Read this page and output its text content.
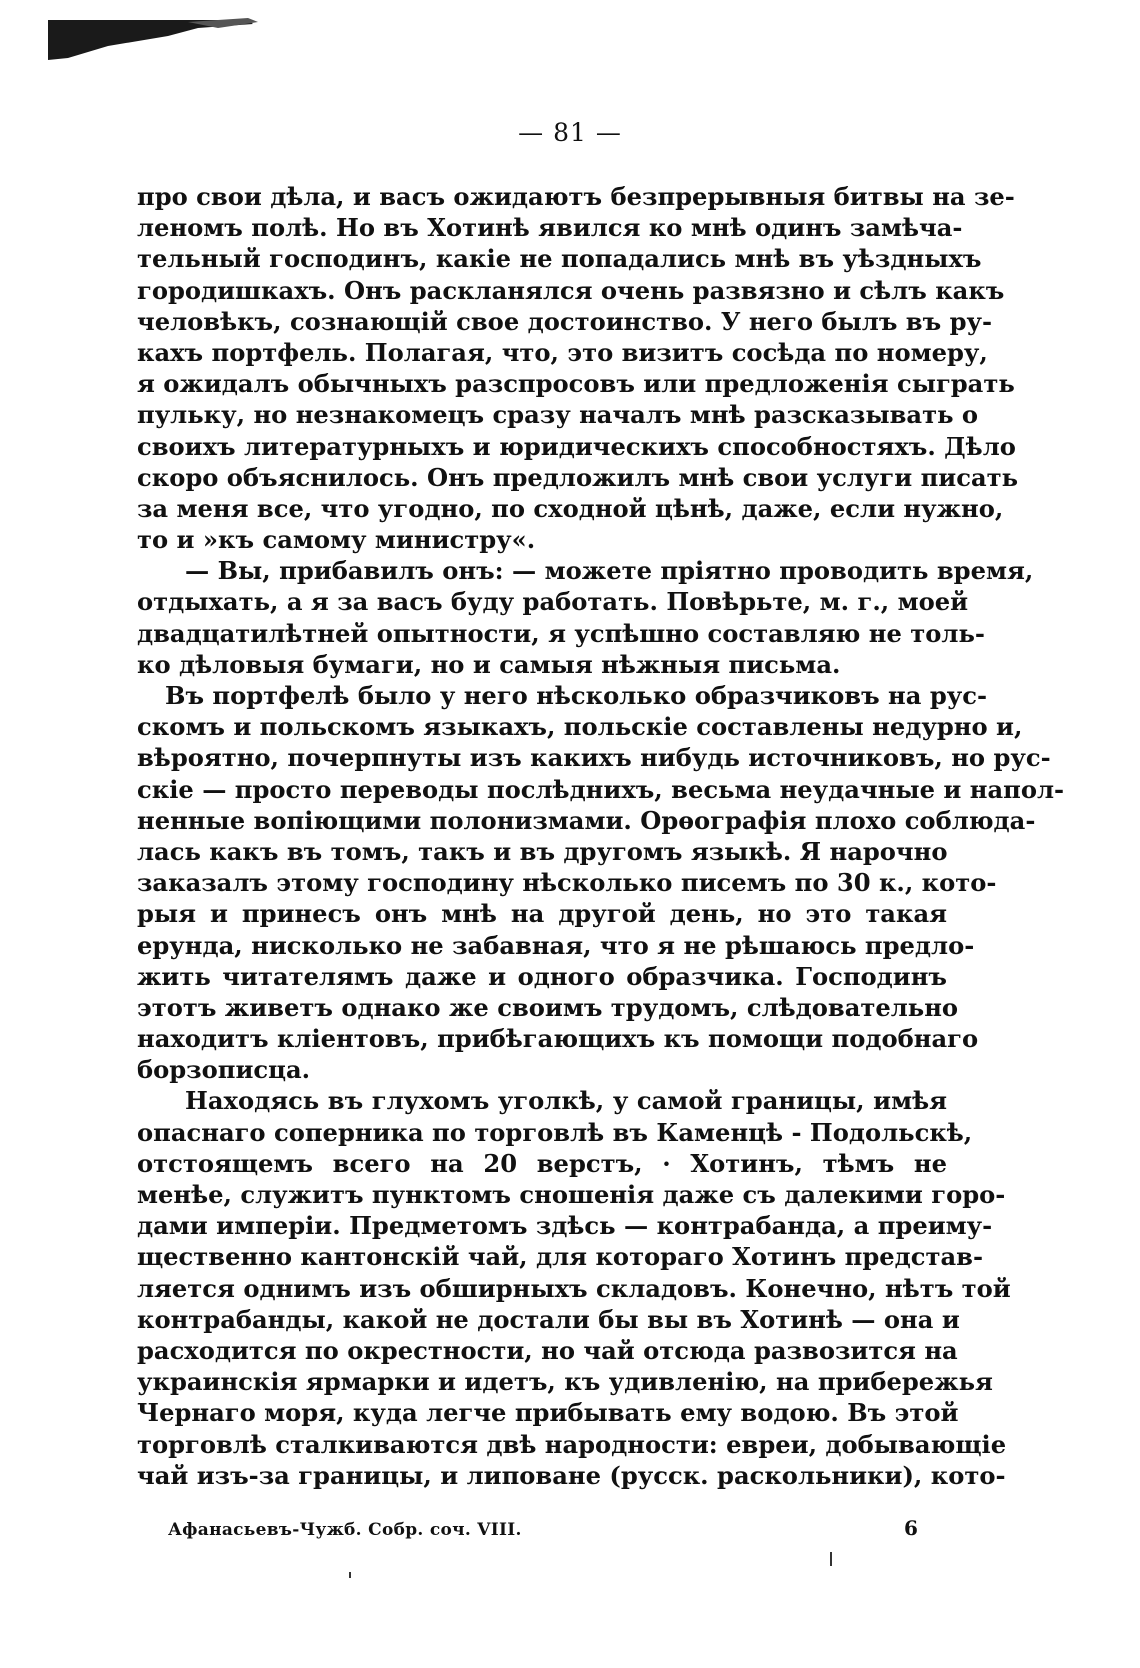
— 81 —
про свои дѣла, и васъ ожидаютъ безпрерывныя битвы на зе-
леномъ полѣ. Но въ Хотинѣ явился ко мнѣ одинъ замѣча-
тельный господинъ, какіе не попадались мнѣ въ уѣздныхъ
городишкахъ. Онъ раскланялся очень развязно и сѣлъ какъ
человѣкъ, сознающій свое достоинство. У него былъ въ ру-
кахъ портфель. Полагая, что, это визитъ сосѣда по номеру,
я ожидалъ обычныхъ разспросовъ или предложенія сыграть
пульку, но незнакомецъ сразу началъ мнѣ разсказывать о
своихъ литературныхъ и юридическихъ способностяхъ. Дѣло
скоро объяснилось. Онъ предложилъ мнѣ свои услуги писать
за меня все, что угодно, по сходной цѣнѣ, даже, если нужно,
то и »къ самому министру«.
— Вы, прибавилъ онъ: — можете пріятно проводить время,
отдыхать, а я за васъ буду работать. Повѣрьте, м. г., моей
двадцатилѣтней опытности, я успѣшно составляю не толь-
ко дѣловыя бумаги, но и самыя нѣжныя письма.
Въ портфелѣ было у него нѣсколько образчиковъ на рус-
скомъ и польскомъ языкахъ, польскіе составлены недурно и,
вѣроятно, почерпнуты изъ какихъ нибудь источниковъ, но рус-
скіе — просто переводы послѣднихъ, весьма неудачные и напол-
ненные вопіющими полонизмами. Орѳографія плохо соблюда-
лась какъ въ томъ, такъ и въ другомъ языкѣ. Я нарочно
заказалъ этому господину нѣсколько писемъ по 30 к., кото-
рыя и принесъ онъ мнѣ на другой день, но это такая
ерунда, нисколько не забавная, что я не рѣшаюсь предло-
жить читателямъ даже и одного образчика. Господинъ
этотъ живетъ однако же своимъ трудомъ, слѣдовательно
находитъ кліентовъ, прибѣгающихъ къ помощи подобнаго
борзописца.
Находясь въ глухомъ уголкѣ, у самой границы, имѣя
опаснаго соперника по торговлѣ въ Каменцѣ - Подольскѣ,
отстоящемъ всего на 20 верстъ, · Хотинъ, тѣмъ не
менѣе, служитъ пунктомъ сношенія даже съ далекими горо-
дами имперіи. Предметомъ здѣсь — контрабанда, а преиму-
щественно кантонскій чай, для котораго Хотинъ представ-
ляется однимъ изъ обширныхъ складовъ. Конечно, нѣтъ той
контрабанды, какой не достали бы вы въ Хотинѣ — она и
расходится по окрестности, но чай отсюда развозится на
украинскія ярмарки и идетъ, къ удивленію, на прибережья
Чернаго моря, куда легче прибывать ему водою. Въ этой
торговлѣ сталкиваются двѣ народности: евреи, добывающіе
чай изъ-за границы, и липоване (русск. раскольники), кото-
Афанасьевъ-Чужб. Собр. соч. VIII.	6
